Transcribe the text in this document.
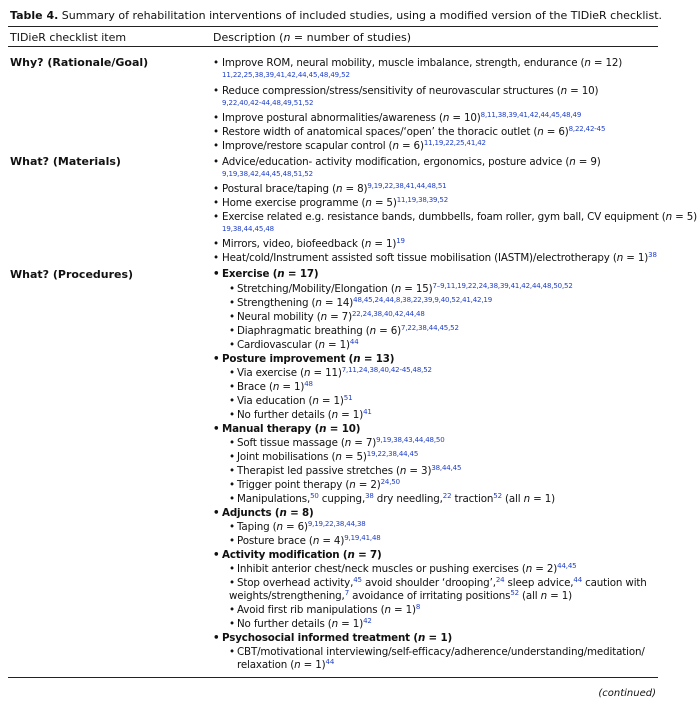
Table 4. Summary of rehabilitation interventions of included studies, using a modified version of the TIDieR checklist.
TIDieR checklist item	Description (n = number of studies)
Why? (Rationale/Goal)	• Improve ROM, neural mobility, muscle imbalance, strength, endurance (n = 12)
11,22,25,38,39,41,42,44,45,48,49,52
• Reduce compression/stress/sensitivity of neurovascular structures (n = 10)
9,22,40,42-44,48,49,51,52
• Improve postural abnormalities/awareness (n = 10)$^{8,11,38,39,41,42,44,45,48,49}$
• Restore width of anatomical spaces/‘open’ the thoracic outlet (n = 6)$^{8,22,42-45}$
• Improve/restore scapular control (n = 6)$^{11,19,22,25,41,42}$
What? (Materials)	• Advice/education- activity modification, ergonomics, posture advice (n = 9)
9,19,38,42,44,45,48,51,52
• Postural brace/taping (n = 8)$^{9,19,22,38,41,44,48,51}$
• Home exercise programme (n = 5)$^{11,19,38,39,52}$
• Exercise related e.g. resistance bands, dumbbells, foam roller, gym ball, CV equipment (n = 5)
19,38,44,45,48
• Mirrors, video, biofeedback (n = 1)$^{19}$
• Heat/cold/Instrument assisted soft tissue mobilisation (IASTM)/electrotherapy (n = 1)$^{38}$
What? (Procedures)	• Exercise (n = 17)
• Stretching/Mobility/Elongation (n = 15)$^{7-9,11,19,22,24,38,39,41,42,44,48,50,52}$
• Strengthening (n = 14)$^{48,45,24,44,8,38,22,39,9,40,52,41,42,19}$
• Neural mobility (n = 7)$^{22,24,38,40,42,44,48}$
• Diaphragmatic breathing (n = 6)$^{7,22,38,44,45,52}$
• Cardiovascular (n = 1)$^{44}$
• Posture improvement (n = 13)
• Via exercise (n = 11)$^{7,11,24,38,40,42-45,48,52}$
• Brace (n = 1)$^{48}$
• Via education (n = 1)$^{51}$
• No further details (n = 1)$^{41}$
• Manual therapy (n = 10)
• Soft tissue massage (n = 7)$^{9,19,38,43,44,48,50}$
• Joint mobilisations (n = 5)$^{19,22,38,44,45}$
• Therapist led passive stretches (n = 3)$^{38,44,45}$
• Trigger point therapy (n = 2)$^{24,50}$
• Manipulations,$^{50}$ cupping,$^{38}$ dry needling,$^{22}$ traction$^{52}$ (all n = 1)
• Adjuncts (n = 8)
• Taping (n = 6)$^{9,19,22,38,44,38}$
• Posture brace (n = 4)$^{9,19,41,48}$
• Activity modification (n = 7)
• Inhibit anterior chest/neck muscles or pushing exercises (n = 2)$^{44,45}$
• Stop overhead activity,$^{45}$ avoid shoulder ‘drooping’,$^{24}$ sleep advice,$^{44}$ caution with
weights/strengthening,$^7$ avoidance of irritating positions$^{52}$ (all n = 1)
• Avoid first rib manipulations (n = 1)$^8$
• No further details (n = 1)$^{42}$
• Psychosocial informed treatment (n = 1)
• CBT/motivational interviewing/self-efficacy/adherence/understanding/meditation/
relaxation (n = 1)$^{44}$
(continued)
